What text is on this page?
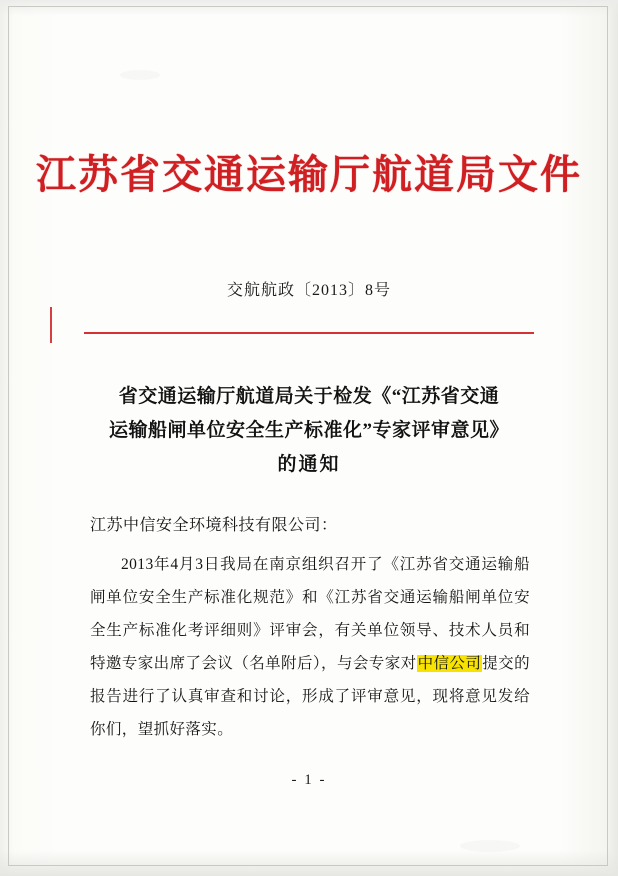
江苏省交通运输厅航道局文件
交航航政〔2013〕8号
省交通运输厅航道局关于检发《“江苏省交通
运输船闸单位安全生产标准化”专家评审意见》
的通知
江苏中信安全环境科技有限公司：

2013年4月3日我局在南京组织召开了《江苏省交通运输船闸单位安全生产标准化规范》和《江苏省交通运输船闸单位安全生产标准化考评细则》评审会，有关单位领导、技术人员和特邀专家出席了会议（名单附后），与会专家对中信公司提交的报告进行了认真审查和讨论，形成了评审意见，现将意见发给你们，望抓好落实。

- 1 -
